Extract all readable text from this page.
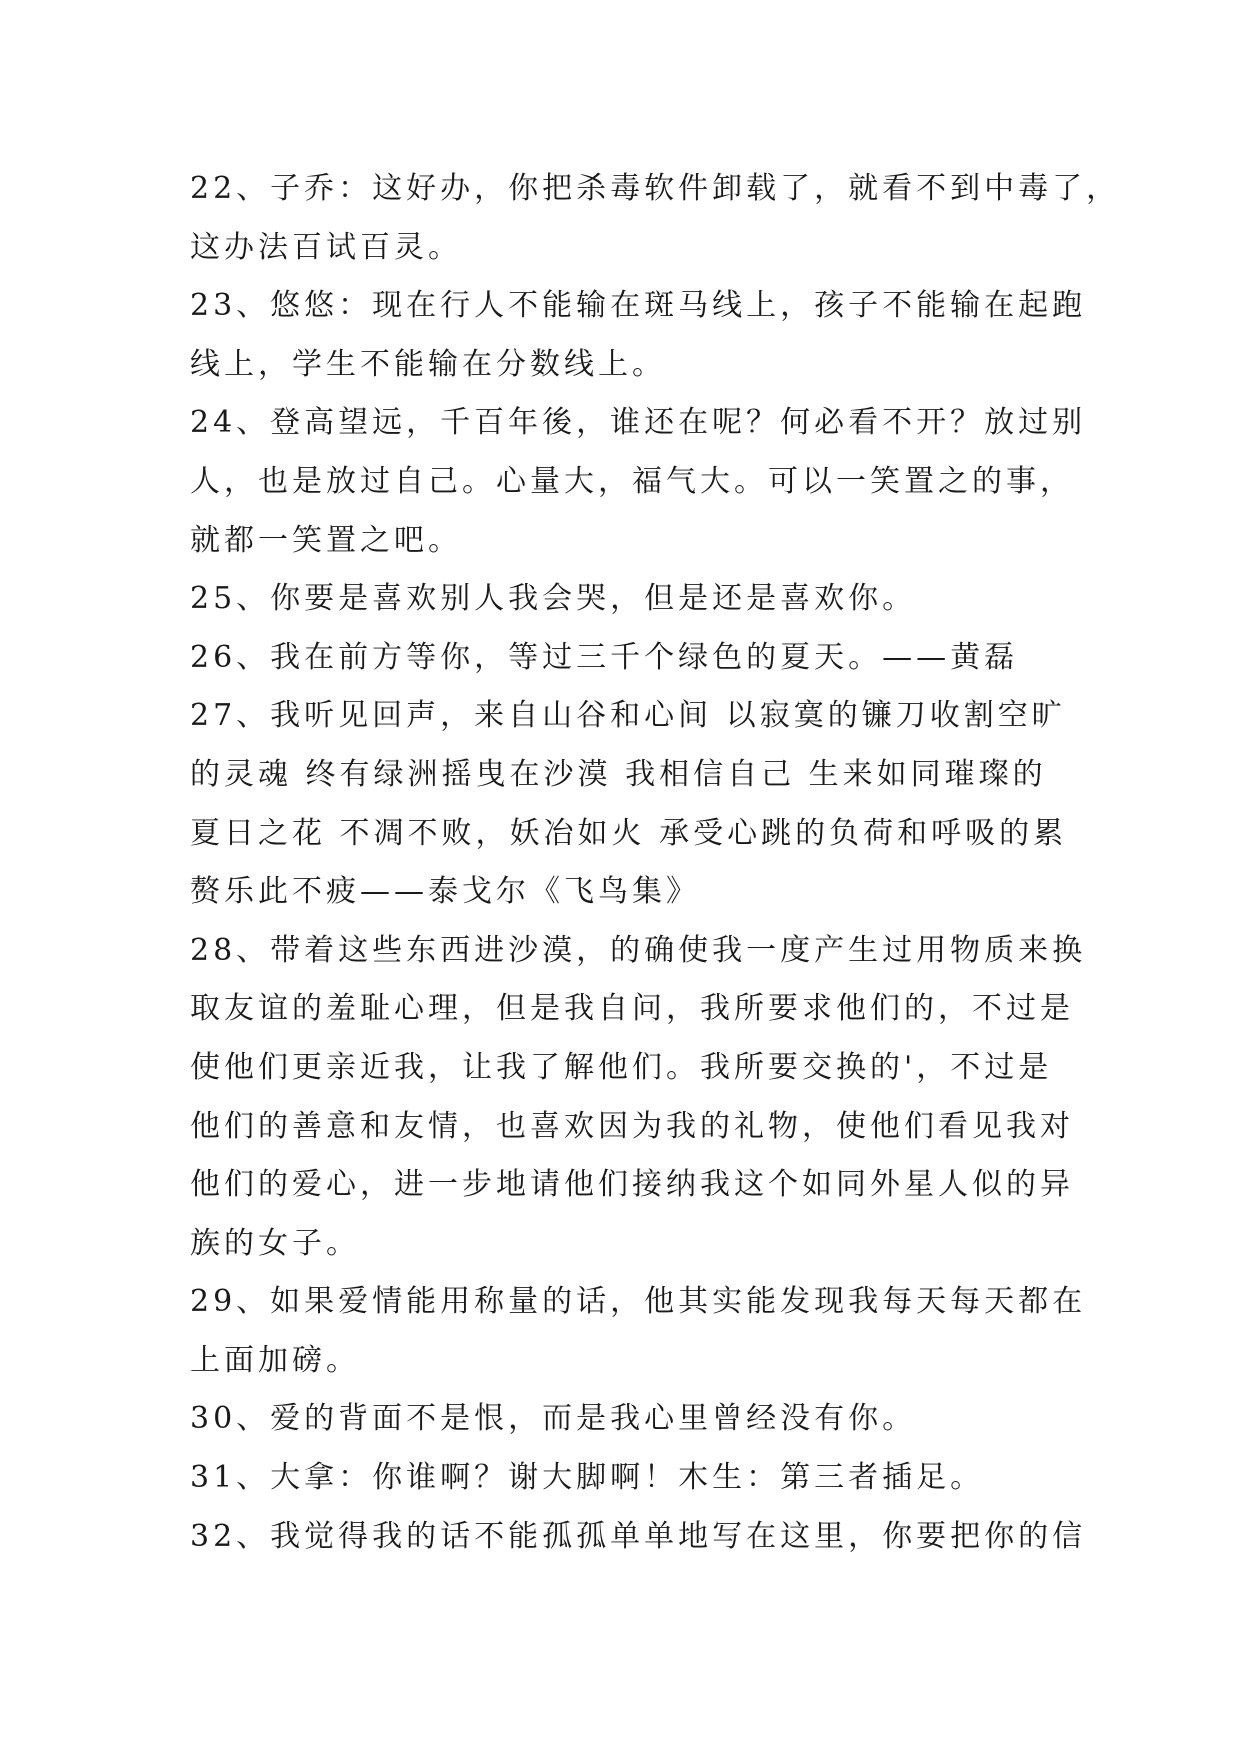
22、子乔：这好办，你把杀毒软件卸载了，就看不到中毒了，
这办法百试百灵。
23、悠悠：现在行人不能输在斑马线上，孩子不能输在起跑
线上，学生不能输在分数线上。
24、登高望远，千百年後，谁还在呢？何必看不开？放过别
人，也是放过自己。心量大，福气大。可以一笑置之的事，
就都一笑置之吧。
25、你要是喜欢别人我会哭，但是还是喜欢你。
26、我在前方等你，等过三千个绿色的夏天。——黄磊
27、我听见回声，来自山谷和心间 以寂寞的镰刀收割空旷
的灵魂 终有绿洲摇曳在沙漠 我相信自己 生来如同璀璨的
夏日之花 不凋不败，妖冶如火 承受心跳的负荷和呼吸的累
赘乐此不疲——泰戈尔《飞鸟集》
28、带着这些东西进沙漠，的确使我一度产生过用物质来换
取友谊的羞耻心理，但是我自问，我所要求他们的，不过是
使他们更亲近我，让我了解他们。我所要交换的'，不过是
他们的善意和友情，也喜欢因为我的礼物，使他们看见我对
他们的爱心，进一步地请他们接纳我这个如同外星人似的异
族的女子。
29、如果爱情能用称量的话，他其实能发现我每天每天都在
上面加磅。
30、爱的背面不是恨，而是我心里曾经没有你。
31、大拿：你谁啊？谢大脚啊！木生：第三者插足。
32、我觉得我的话不能孤孤单单地写在这里，你要把你的信
